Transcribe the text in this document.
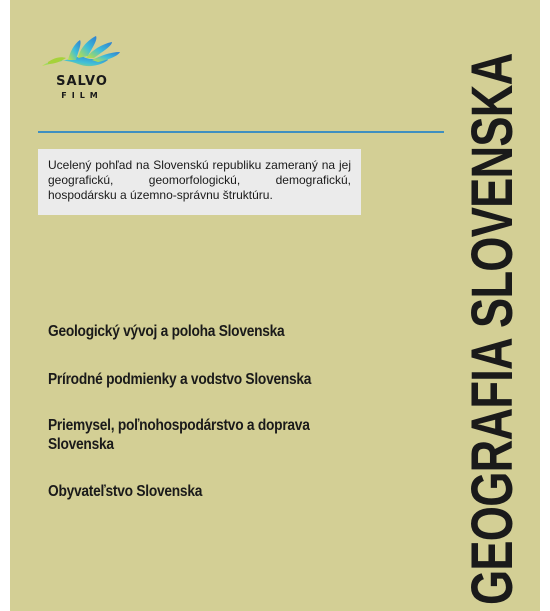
SALVO
FILM
Ucelený pohľad na Slovenskú republiku zameraný na jej geografickú, geomorfologickú, demografickú, hospodársku a územno-správnu štruktúru.
Geologický vývoj a poloha Slovenska
Prírodné podmienky a vodstvo Slovenska
Priemysel, poľnohospodárstvo a doprava Slovenska
Obyvateľstvo Slovenska	GEOGRAFIA SLOVENSKA
